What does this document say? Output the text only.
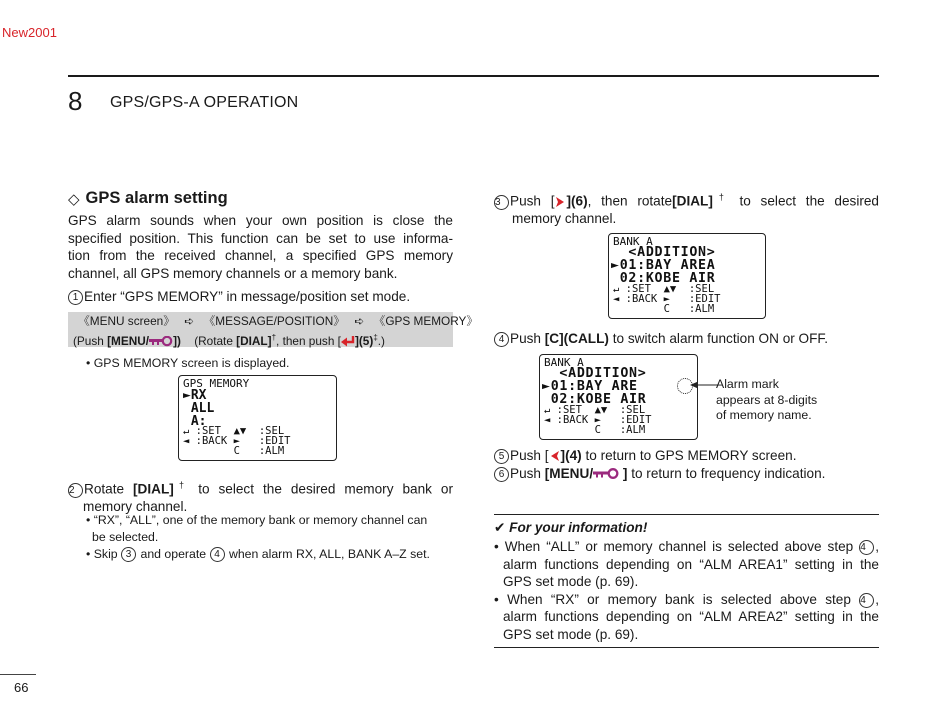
New2001
8 GPS/GPS-A OPERATION
◇ GPS alarm setting
GPS alarm sounds when your own position is close the
specified position. This function can be set to use informa-
tion from the received channel, a specified GPS memory
channel, all GPS memory channels or a memory bank.
1 Enter “GPS MEMORY” in message/position set mode.
《MENU screen》 ➪ 《MESSAGE/POSITION》 ➪ 《GPS MEMORY》
(Push [MENU/ ]) (Rotate [DIAL]†, then push [ ](5)‡.)
• GPS MEMORY screen is displayed.
GPS MEMORY
►RX
ALL
A:
↵ :SET  ▲▼  :SEL
◄ :BACK ►   :EDIT
C   :ALM
2 Rotate [DIAL]† to select the desired memory bank or
memory channel.
• “RX”, “ALL”, one of the memory bank or memory channel can
be selected.
• Skip 3 and operate 4 when alarm RX, ALL, BANK A–Z set.
3 Push [ ](6), then rotate[DIAL]† to select the desired
memory channel.
BANK A
<ADDITION>
►01:BAY AREA
02:KOBE AIR
↵ :SET  ▲▼  :SEL
◄ :BACK ►   :EDIT
C   :ALM
4 Push [C](CALL) to switch alarm function ON or OFF.
BANK A
<ADDITION>
►01:BAY ARE
02:KOBE AIR
↵ :SET  ▲▼  :SEL
◄ :BACK ►   :EDIT
C   :ALM
Alarm mark
appears at 8-digits
of memory name.
5 Push [ ](4) to return to GPS MEMORY screen.
6 Push [MENU/ ] to return to frequency indication.
✔ For your information!
• When “ALL” or memory channel is selected above step 4 ,
alarm functions depending on “ALM AREA1” setting in the
GPS set mode (p. 69).
• When “RX” or memory bank is selected above step 4 ,
alarm functions depending on “ALM AREA2” setting in the
GPS set mode (p. 69).
66
